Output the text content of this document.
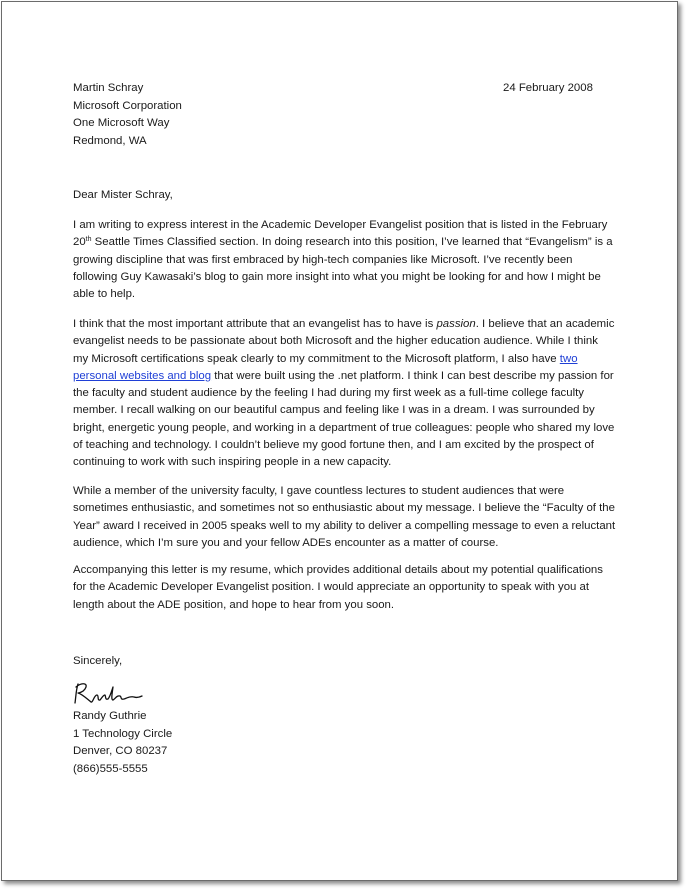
Martin Schray
Microsoft Corporation
One Microsoft Way
Redmond, WA
24 February 2008
Dear Mister Schray,
I am writing to express interest in the Academic Developer Evangelist position that is listed in the February
20th Seattle Times Classified section. In doing research into this position, I’ve learned that “Evangelism” is a
growing discipline that was first embraced by high-tech companies like Microsoft. I’ve recently been
following Guy Kawasaki’s blog to gain more insight into what you might be looking for and how I might be
able to help.
I think that the most important attribute that an evangelist has to have is passion. I believe that an academic
evangelist needs to be passionate about both Microsoft and the higher education audience. While I think
my Microsoft certifications speak clearly to my commitment to the Microsoft platform, I also have two
personal websites and blog that were built using the .net platform. I think I can best describe my passion for
the faculty and student audience by the feeling I had during my first week as a full-time college faculty
member. I recall walking on our beautiful campus and feeling like I was in a dream. I was surrounded by
bright, energetic young people, and working in a department of true colleagues: people who shared my love
of teaching and technology. I couldn’t believe my good fortune then, and I am excited by the prospect of
continuing to work with such inspiring people in a new capacity.
While a member of the university faculty, I gave countless lectures to student audiences that were
sometimes enthusiastic, and sometimes not so enthusiastic about my message. I believe the “Faculty of the
Year” award I received in 2005 speaks well to my ability to deliver a compelling message to even a reluctant
audience, which I’m sure you and your fellow ADEs encounter as a matter of course.
Accompanying this letter is my resume, which provides additional details about my potential qualifications
for the Academic Developer Evangelist position. I would appreciate an opportunity to speak with you at
length about the ADE position, and hope to hear from you soon.
Sincerely,
Randy Guthrie
1 Technology Circle
Denver, CO 80237
(866)555-5555
